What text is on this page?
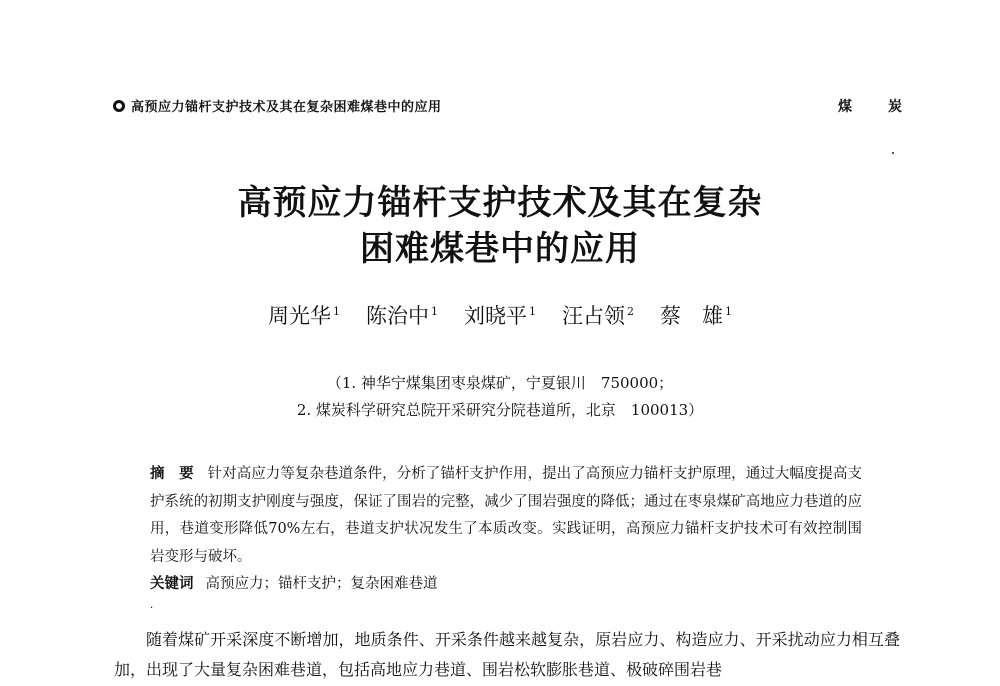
高预应力锚杆支护技术及其在复杂困难煤巷中的应用	煤	炭
高预应力锚杆支护技术及其在复杂
困难煤巷中的应用
周光华 $^1$ 陈治中 $^1$ 刘晓平 $^1$ 汪占领 $^2$ 蔡　雄 $^1$
（1. 神华宁煤集团枣泉煤矿，宁夏银川　750000；
2. 煤炭科学研究总院开采研究分院巷道所，北京　100013）
摘　要 针对高应力等复杂巷道条件，分析了锚杆支护作用，提出了高预应力锚杆支护原理，通过大幅度提高支护系统的初期支护刚度与强度，保证了围岩的完整，减少了围岩强度的降低；通过在枣泉煤矿高地应力巷道的应用，巷道变形降低70%左右，巷道支护状况发生了本质改变。实践证明，高预应力锚杆支护技术可有效控制围岩变形与破坏。
关键词 高预应力；锚杆支护；复杂困难巷道
·
随着煤矿开采深度不断增加，地质条件、开采条件越来越复杂，原岩应力、构造应力、开采扰动应力相互叠加，出现了大量复杂困难巷道，包括高地应力巷道、围岩松软膨胀巷道、极破碎围岩巷
